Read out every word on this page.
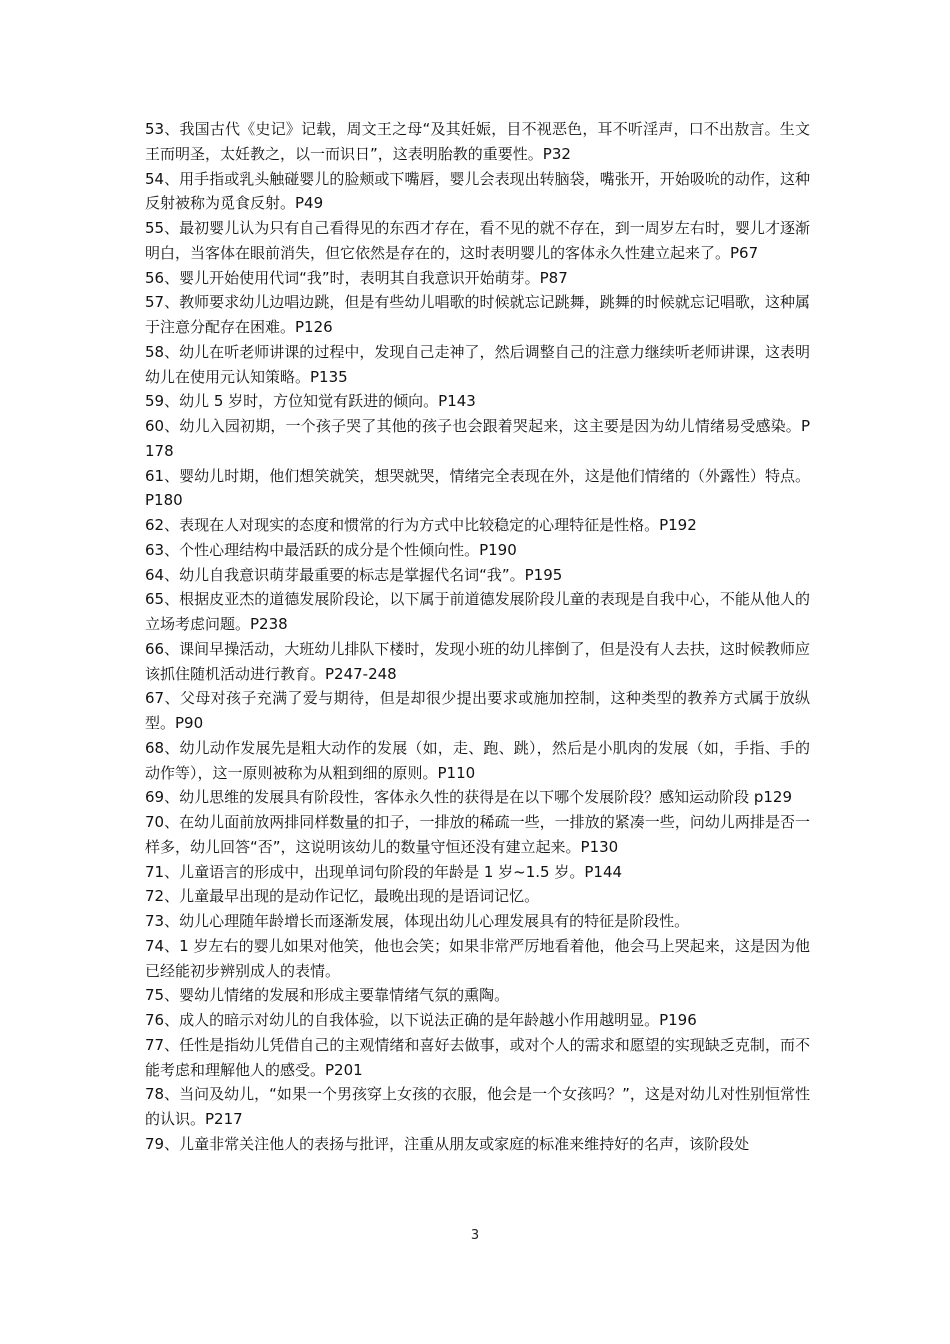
53、我国古代《史记》记载，周文王之母“及其妊娠，目不视恶色，耳不听淫声，口不出敖言。生文王而明圣，太妊教之，以一而识日”，这表明胎教的重要性。P32

54、用手指或乳头触碰婴儿的脸颊或下嘴唇，婴儿会表现出转脑袋，嘴张开，开始吸吮的动作，这种反射被称为觅食反射。P49

55、最初婴儿认为只有自己看得见的东西才存在，看不见的就不存在，到一周岁左右时，婴儿才逐渐明白，当客体在眼前消失，但它依然是存在的，这时表明婴儿的客体永久性建立起来了。P67

56、婴儿开始使用代词“我”时，表明其自我意识开始萌芽。P87

57、教师要求幼儿边唱边跳，但是有些幼儿唱歌的时候就忘记跳舞，跳舞的时候就忘记唱歌，这种属于注意分配存在困难。P126

58、幼儿在听老师讲课的过程中，发现自己走神了，然后调整自己的注意力继续听老师讲课，这表明幼儿在使用元认知策略。P135

59、幼儿 5 岁时，方位知觉有跃进的倾向。P143

60、幼儿入园初期，一个孩子哭了其他的孩子也会跟着哭起来，这主要是因为幼儿情绪易受感染。P178

61、婴幼儿时期，他们想笑就笑，想哭就哭，情绪完全表现在外，这是他们情绪的（外露性）特点。P180

62、表现在人对现实的态度和惯常的行为方式中比较稳定的心理特征是性格。P192

63、个性心理结构中最活跃的成分是个性倾向性。P190

64、幼儿自我意识萌芽最重要的标志是掌握代名词“我”。P195

65、根据皮亚杰的道德发展阶段论，以下属于前道德发展阶段儿童的表现是自我中心，不能从他人的立场考虑问题。P238

66、课间早操活动，大班幼儿排队下楼时，发现小班的幼儿摔倒了，但是没有人去扶，这时候教师应该抓住随机活动进行教育。P247-248

67、父母对孩子充满了爱与期待，但是却很少提出要求或施加控制，这种类型的教养方式属于放纵型。P90

68、幼儿动作发展先是粗大动作的发展（如，走、跑、跳），然后是小肌肉的发展（如，手指、手的动作等），这一原则被称为从粗到细的原则。P110

69、幼儿思维的发展具有阶段性，客体永久性的获得是在以下哪个发展阶段？感知运动阶段 p129

70、在幼儿面前放两排同样数量的扣子，一排放的稀疏一些，一排放的紧凑一些，问幼儿两排是否一样多，幼儿回答“否”，这说明该幼儿的数量守恒还没有建立起来。P130

71、儿童语言的形成中，出现单词句阶段的年龄是 1 岁~1.5 岁。P144

72、儿童最早出现的是动作记忆，最晚出现的是语词记忆。

73、幼儿心理随年龄增长而逐渐发展，体现出幼儿心理发展具有的特征是阶段性。

74、1 岁左右的婴儿如果对他笑，他也会笑；如果非常严厉地看着他，他会马上哭起来，这是因为他已经能初步辨别成人的表情。

75、婴幼儿情绪的发展和形成主要靠情绪气氛的熏陶。

76、成人的暗示对幼儿的自我体验，以下说法正确的是年龄越小作用越明显。P196

77、任性是指幼儿凭借自己的主观情绪和喜好去做事，或对个人的需求和愿望的实现缺乏克制，而不能考虑和理解他人的感受。P201

78、当问及幼儿，“如果一个男孩穿上女孩的衣服，他会是一个女孩吗？”，这是对幼儿对性别恒常性的认识。P217

79、儿童非常关注他人的表扬与批评，注重从朋友或家庭的标准来维持好的名声，该阶段处

3
